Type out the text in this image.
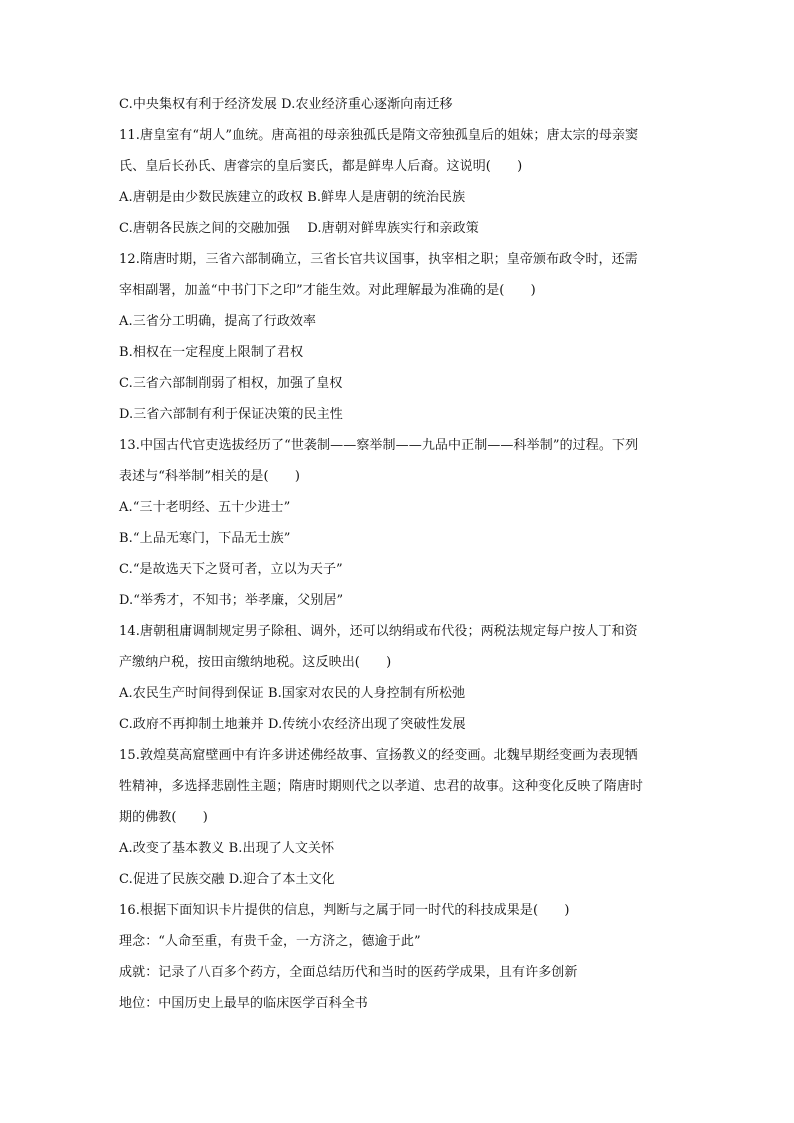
C.中央集权有利于经济发展 D.农业经济重心逐渐向南迁移
11.唐皇室有“胡人”血统。唐高祖的母亲独孤氏是隋文帝独孤皇后的姐妹；唐太宗的母亲窦
氏、皇后长孙氏、唐睿宗的皇后窦氏，都是鲜卑人后裔。这说明(　　)
A.唐朝是由少数民族建立的政权 B.鲜卑人是唐朝的统治民族
C.唐朝各民族之间的交融加强　 D.唐朝对鲜卑族实行和亲政策
12.隋唐时期，三省六部制确立，三省长官共议国事，执宰相之职；皇帝颁布政令时，还需
宰相副署，加盖“中书门下之印”才能生效。对此理解最为准确的是(　　)
A.三省分工明确，提高了行政效率
B.相权在一定程度上限制了君权
C.三省六部制削弱了相权，加强了皇权
D.三省六部制有利于保证决策的民主性
13.中国古代官吏选拔经历了“世袭制——察举制——九品中正制——科举制”的过程。下列
表述与“科举制”相关的是(　　)
A.“三十老明经、五十少进士”
B.“上品无寒门，下品无士族”
C.“是故选天下之贤可者，立以为天子”
D.“举秀才，不知书；举孝廉，父别居”
14.唐朝租庸调制规定男子除租、调外，还可以纳绢或布代役；两税法规定每户按人丁和资
产缴纳户税，按田亩缴纳地税。这反映出(　　)
A.农民生产时间得到保证 B.国家对农民的人身控制有所松弛
C.政府不再抑制土地兼并 D.传统小农经济出现了突破性发展
15.敦煌莫高窟壁画中有许多讲述佛经故事、宣扬教义的经变画。北魏早期经变画为表现牺
牲精神，多选择悲剧性主题；隋唐时期则代之以孝道、忠君的故事。这种变化反映了隋唐时
期的佛教(　　)
A.改变了基本教义 B.出现了人文关怀
C.促进了民族交融 D.迎合了本土文化
16.根据下面知识卡片提供的信息，判断与之属于同一时代的科技成果是(　　)
理念：“人命至重，有贵千金，一方济之，德逾于此”
成就：记录了八百多个药方，全面总结历代和当时的医药学成果，且有许多创新
地位：中国历史上最早的临床医学百科全书
